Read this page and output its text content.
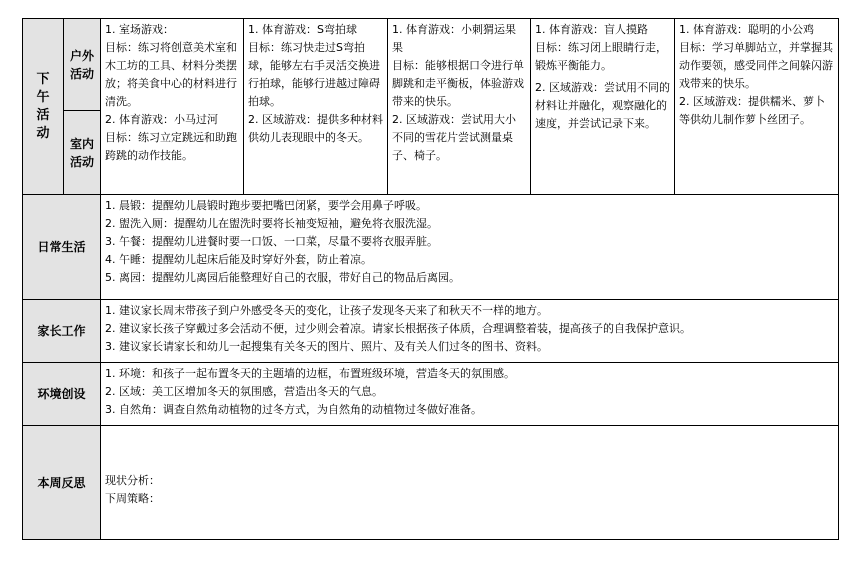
下午活动	户外活动	1. 室场游戏：
目标：练习将创意美术室和木工坊的工具、材料分类摆放；将美食中心的材料进行清洗。
2. 体育游戏：小马过河
目标：练习立定跳远和助跑跨跳的动作技能。	1. 体育游戏：S弯拍球
目标：练习快走过S弯拍球，能够左右手灵活交换进行拍球，能够行进越过障碍拍球。
2. 区域游戏：提供多种材料供幼儿表现眼中的冬天。	1. 体育游戏：小刺猬运果果
目标：能够根据口令进行单脚跳和走平衡板，体验游戏带来的快乐。
2. 区域游戏：尝试用大小不同的雪花片尝试测量桌子、椅子。	1. 体育游戏：盲人摸路
目标：练习闭上眼睛行走，锻炼平衡能力。
2. 区域游戏：尝试用不同的材料让并融化，观察融化的速度，并尝试记录下来。	1. 体育游戏：聪明的小公鸡
目标：学习单脚站立，并掌握其动作要领，感受同伴之间躲闪游戏带来的快乐。
2. 区域游戏：提供糯米、萝卜等供幼儿制作萝卜丝团子。

	室内活动					

日常生活		1. 晨锻：提醒幼儿晨锻时跑步要把嘴巴闭紧，要学会用鼻子呼吸。
2. 盥洗入厕：提醒幼儿在盥洗时要将长袖变短袖，避免将衣服洗湿。
3. 午餐：提醒幼儿进餐时要一口饭、一口菜，尽量不要将衣服弄脏。
4. 午睡：提醒幼儿起床后能及时穿好外套，防止着凉。
5. 离园：提醒幼儿离园后能整理好自己的衣服，带好自己的物品后离园。				

家长工作		1. 建议家长周末带孩子到户外感受冬天的变化，让孩子发现冬天来了和秋天不一样的地方。
2. 建议家长孩子穿戴过多会活动不便，过少则会着凉。请家长根据孩子体质，合理调整着装，提高孩子的自我保护意识。
3. 建议家长请家长和幼儿一起搜集有关冬天的图片、照片、及有关人们过冬的图书、资料。				

环境创设		1. 环境：和孩子一起布置冬天的主题墙的边框，布置班级环境，营造冬天的氛围感。
2. 区域：美工区增加冬天的氛围感，营造出冬天的气息。
3. 自然角：调查自然角动植物的过冬方式，为自然角的动植物过冬做好准备。				

本周反思		现状分析：
下周策略：				
